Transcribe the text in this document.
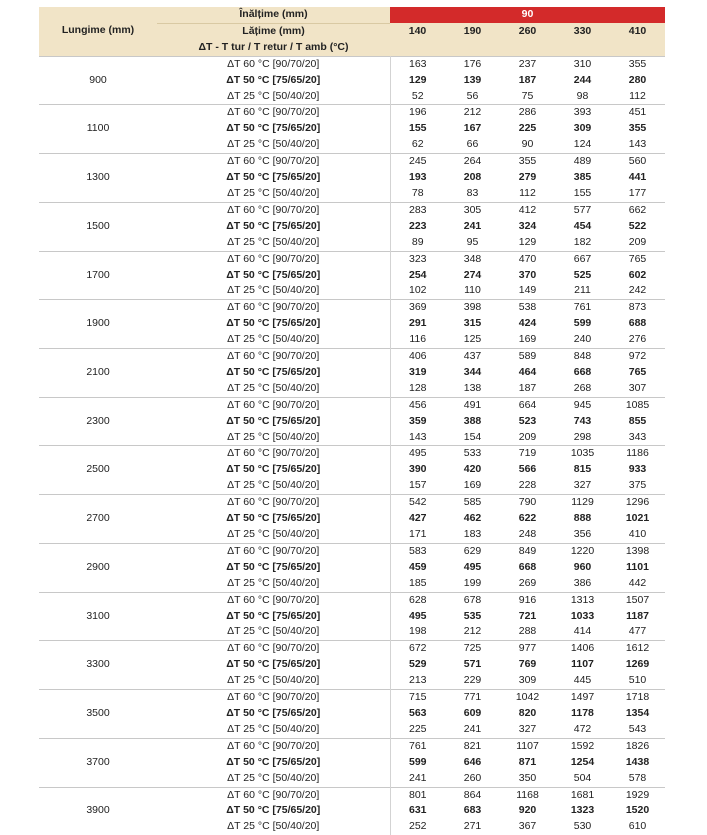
Lungime (mm)	Înălțime (mm)	90				
	Lățime (mm)	140	190	260	330	410
	ΔT - T tur / T retur / T amb (°C)					
900	ΔT 60 °C [90/70/20]	163	176	237	310	355
	ΔT 50 °C [75/65/20]	129	139	187	244	280
	ΔT 25 °C [50/40/20]	52	56	75	98	112
1100	ΔT 60 °C [90/70/20]	196	212	286	393	451
	ΔT 50 °C [75/65/20]	155	167	225	309	355
	ΔT 25 °C [50/40/20]	62	66	90	124	143
1300	ΔT 60 °C [90/70/20]	245	264	355	489	560
	ΔT 50 °C [75/65/20]	193	208	279	385	441
	ΔT 25 °C [50/40/20]	78	83	112	155	177
1500	ΔT 60 °C [90/70/20]	283	305	412	577	662
	ΔT 50 °C [75/65/20]	223	241	324	454	522
	ΔT 25 °C [50/40/20]	89	95	129	182	209
1700	ΔT 60 °C [90/70/20]	323	348	470	667	765
	ΔT 50 °C [75/65/20]	254	274	370	525	602
	ΔT 25 °C [50/40/20]	102	110	149	211	242
1900	ΔT 60 °C [90/70/20]	369	398	538	761	873
	ΔT 50 °C [75/65/20]	291	315	424	599	688
	ΔT 25 °C [50/40/20]	116	125	169	240	276
2100	ΔT 60 °C [90/70/20]	406	437	589	848	972
	ΔT 50 °C [75/65/20]	319	344	464	668	765
	ΔT 25 °C [50/40/20]	128	138	187	268	307
2300	ΔT 60 °C [90/70/20]	456	491	664	945	1085
	ΔT 50 °C [75/65/20]	359	388	523	743	855
	ΔT 25 °C [50/40/20]	143	154	209	298	343
2500	ΔT 60 °C [90/70/20]	495	533	719	1035	1186
	ΔT 50 °C [75/65/20]	390	420	566	815	933
	ΔT 25 °C [50/40/20]	157	169	228	327	375
2700	ΔT 60 °C [90/70/20]	542	585	790	1129	1296
	ΔT 50 °C [75/65/20]	427	462	622	888	1021
	ΔT 25 °C [50/40/20]	171	183	248	356	410
2900	ΔT 60 °C [90/70/20]	583	629	849	1220	1398
	ΔT 50 °C [75/65/20]	459	495	668	960	1101
	ΔT 25 °C [50/40/20]	185	199	269	386	442
3100	ΔT 60 °C [90/70/20]	628	678	916	1313	1507
	ΔT 50 °C [75/65/20]	495	535	721	1033	1187
	ΔT 25 °C [50/40/20]	198	212	288	414	477
3300	ΔT 60 °C [90/70/20]	672	725	977	1406	1612
	ΔT 50 °C [75/65/20]	529	571	769	1107	1269
	ΔT 25 °C [50/40/20]	213	229	309	445	510
3500	ΔT 60 °C [90/70/20]	715	771	1042	1497	1718
	ΔT 50 °C [75/65/20]	563	609	820	1178	1354
	ΔT 25 °C [50/40/20]	225	241	327	472	543
3700	ΔT 60 °C [90/70/20]	761	821	1107	1592	1826
	ΔT 50 °C [75/65/20]	599	646	871	1254	1438
	ΔT 25 °C [50/40/20]	241	260	350	504	578
3900	ΔT 60 °C [90/70/20]	801	864	1168	1681	1929
	ΔT 50 °C [75/65/20]	631	683	920	1323	1520
	ΔT 25 °C [50/40/20]	252	271	367	530	610
